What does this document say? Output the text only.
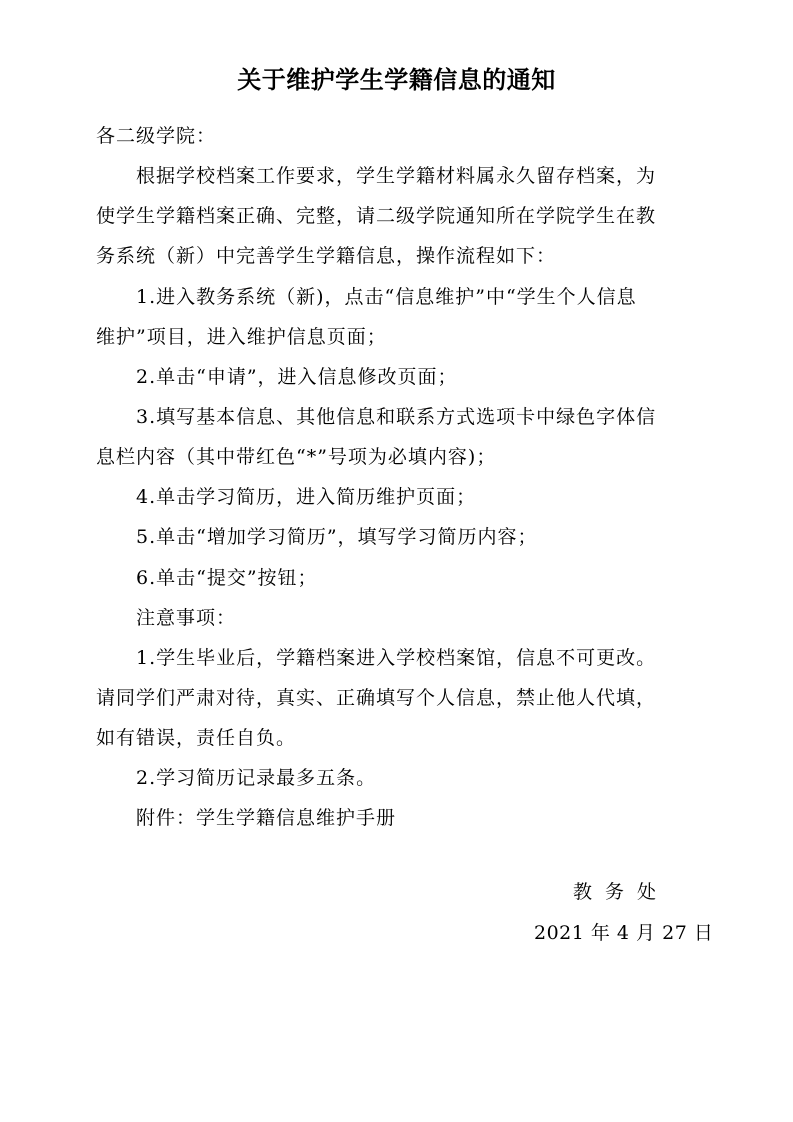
关于维护学生学籍信息的通知
各二级学院：
根据学校档案工作要求，学生学籍材料属永久留存档案，为
使学生学籍档案正确、完整，请二级学院通知所在学院学生在教
务系统（新）中完善学生学籍信息，操作流程如下：
1.进入教务系统（新)，点击“信息维护”中“学生个人信息
维护”项目，进入维护信息页面；
2.单击“申请”，进入信息修改页面；
3.填写基本信息、其他信息和联系方式选项卡中绿色字体信
息栏内容（其中带红色“*”号项为必填内容)；
4.单击学习简历，进入简历维护页面；
5.单击“增加学习简历”，填写学习简历内容；
6.单击“提交”按钮；
注意事项：
1.学生毕业后，学籍档案进入学校档案馆，信息不可更改。
请同学们严肃对待，真实、正确填写个人信息，禁止他人代填，
如有错误，责任自负。
2.学习简历记录最多五条。
附件：学生学籍信息维护手册
教务处
2021 年 4 月 27 日
